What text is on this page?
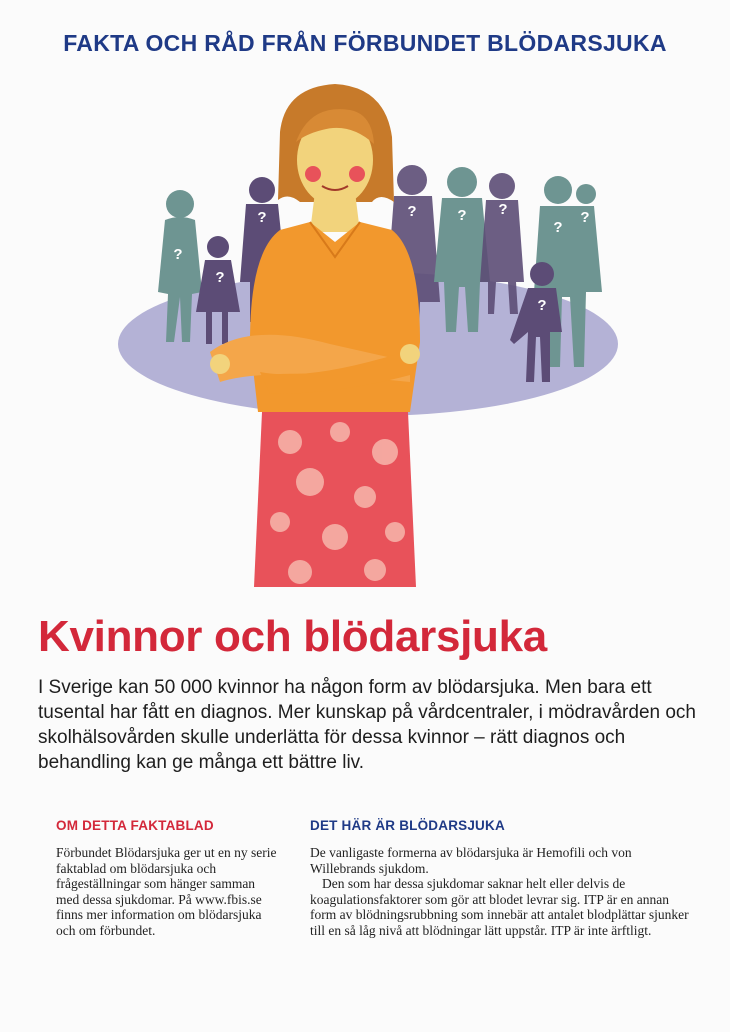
FAKTA OCH RÅD FRÅN FÖRBUNDET BLÖDARSJUKA
?
?
?	?	? ?
?
?
?
Kvinnor och blödarsjuka

I Sverige kan 50 000 kvinnor ha någon form av blödarsjuka. Men bara ett tusental har fått en diagnos. Mer kunskap på vårdcentraler, i mödravården och skolhälsovården skulle underlätta för dessa kvinnor – rätt diagnos och behandling kan ge många ett bättre liv.

OM DETTA FAKTABLAD

Förbundet Blödarsjuka ger ut en ny serie faktablad om blödarsjuka och frågeställningar som hänger samman med dessa sjukdomar. På www.fbis.se finns mer information om blödarsjuka och om förbundet.

DET HÄR ÄR BLÖDARSJUKA

De vanligaste formerna av blödarsjuka är Hemofili och von Willebrands sjukdom.

Den som har dessa sjukdomar saknar helt eller delvis de koagulationsfaktorer som gör att blodet levrar sig. ITP är en annan form av blödningsrubbning som innebär att antalet blodplättar sjunker till en så låg nivå att blödningar lätt uppstår. ITP är inte ärftligt.
